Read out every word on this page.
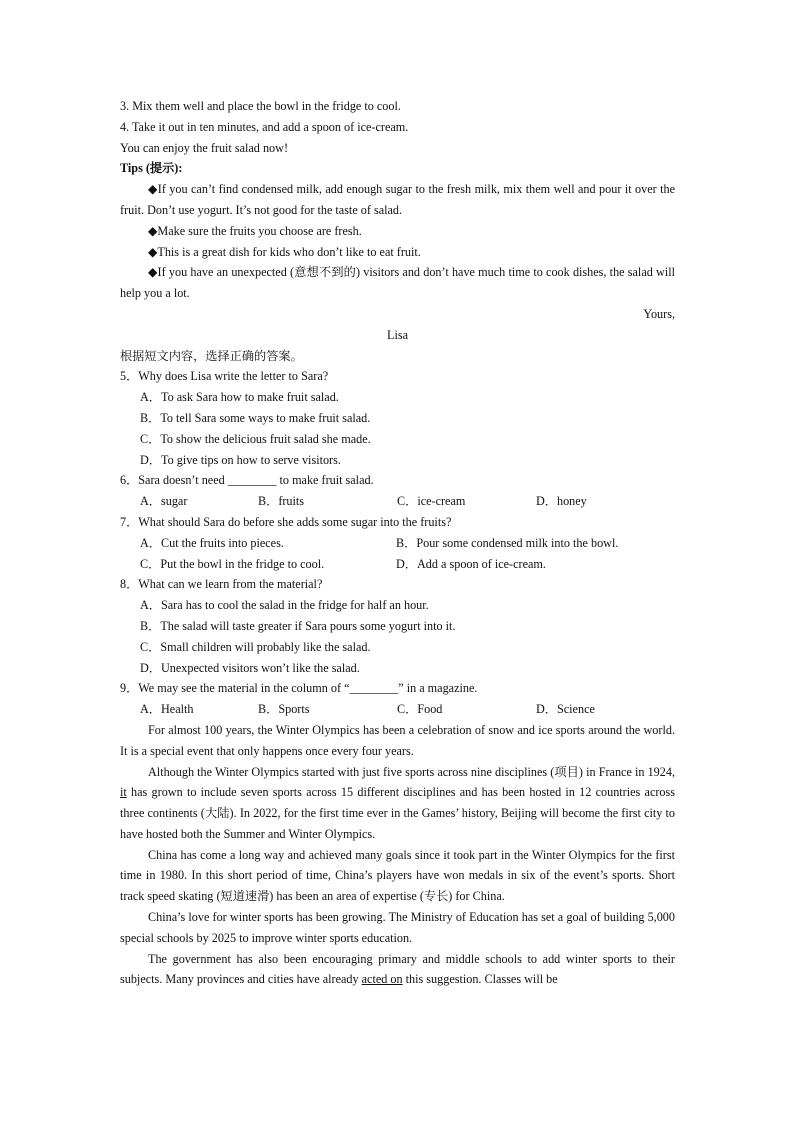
3. Mix them well and place the bowl in the fridge to cool.
4. Take it out in ten minutes, and add a spoon of ice-cream.
You can enjoy the fruit salad now!
Tips (提示):
◆If you can’t find condensed milk, add enough sugar to the fresh milk, mix them well and pour it over the fruit. Don’t use yogurt. It’s not good for the taste of salad.
◆Make sure the fruits you choose are fresh.
◆This is a great dish for kids who don’t like to eat fruit.
◆If you have an unexpected (意想不到的) visitors and don’t have much time to cook dishes, the salad will help you a lot.
Yours,
Lisa
根据短文内容，选择正确的答案。
5．Why does Lisa write the letter to Sara?
A．To ask Sara how to make fruit salad.
B．To tell Sara some ways to make fruit salad.
C．To show the delicious fruit salad she made.
D．To give tips on how to serve visitors.
6．Sara doesn’t need ________ to make fruit salad.
A．sugar	B．fruits	C．ice-cream	D．honey
7．What should Sara do before she adds some sugar into the fruits?
A．Cut the fruits into pieces.	B．Pour some condensed milk into the bowl.
C．Put the bowl in the fridge to cool.	D．Add a spoon of ice-cream.
8．What can we learn from the material?
A．Sara has to cool the salad in the fridge for half an hour.
B．The salad will taste greater if Sara pours some yogurt into it.
C．Small children will probably like the salad.
D．Unexpected visitors won’t like the salad.
9．We may see the material in the column of “________” in a magazine.
A．Health	B．Sports	C．Food	D．Science
For almost 100 years, the Winter Olympics has been a celebration of snow and ice sports around the world. It is a special event that only happens once every four years.
Although the Winter Olympics started with just five sports across nine disciplines (项目) in France in 1924, it has grown to include seven sports across 15 different disciplines and has been hosted in 12 countries across three continents (大陆). In 2022, for the first time ever in the Games’ history, Beijing will become the first city to have hosted both the Summer and Winter Olympics.
China has come a long way and achieved many goals since it took part in the Winter Olympics for the first time in 1980. In this short period of time, China’s players have won medals in six of the event’s sports. Short track speed skating (短道速滑) has been an area of expertise (专长) for China.
China’s love for winter sports has been growing. The Ministry of Education has set a goal of building 5,000 special schools by 2025 to improve winter sports education.
The government has also been encouraging primary and middle schools to add winter sports to their subjects. Many provinces and cities have already acted on this suggestion. Classes will be
